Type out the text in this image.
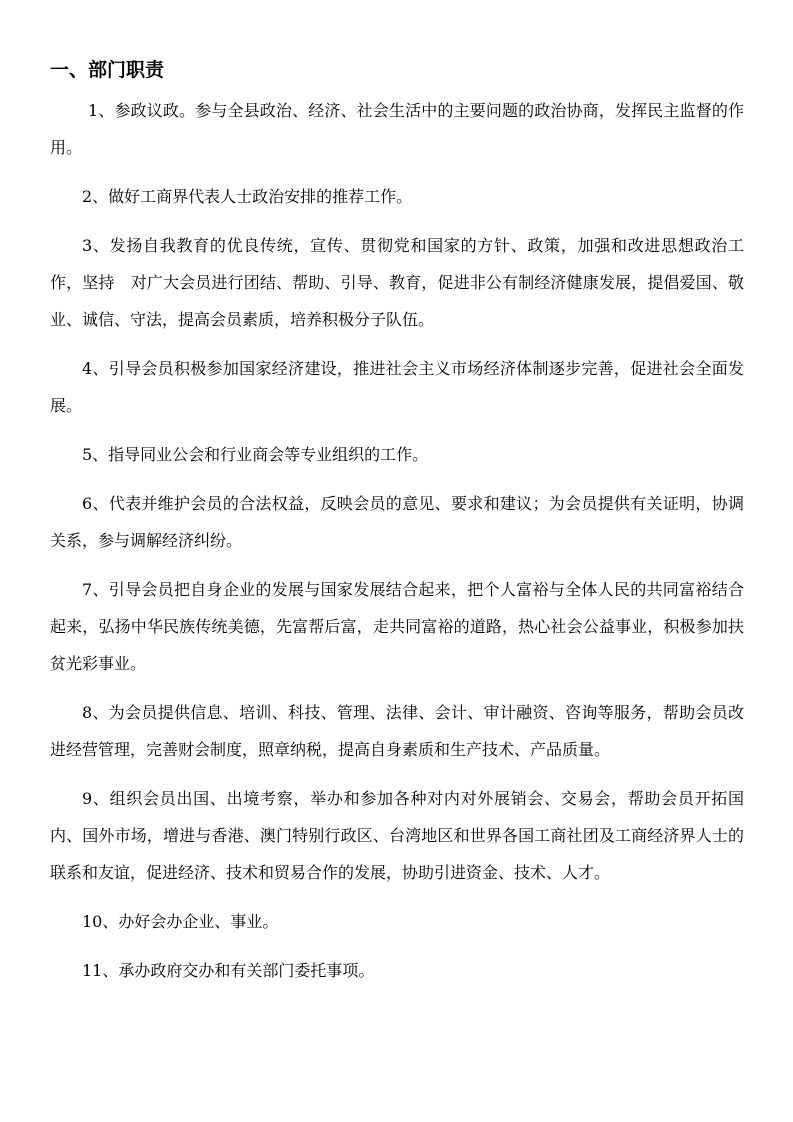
一、部门职责

1、参政议政。参与全县政治、经济、社会生活中的主要问题的政治协商，发挥民主监督的作用。

2、做好工商界代表人士政治安排的推荐工作。

3、发扬自我教育的优良传统，宣传、贯彻党和国家的方针、政策，加强和改进思想政治工作，坚持　对广大会员进行团结、帮助、引导、教育，促进非公有制经济健康发展，提倡爱国、敬业、诚信、守法，提高会员素质，培养积极分子队伍。

4、引导会员积极参加国家经济建设，推进社会主义市场经济体制逐步完善，促进社会全面发展。

5、指导同业公会和行业商会等专业组织的工作。

6、代表并维护会员的合法权益，反映会员的意见、要求和建议；为会员提供有关证明，协调关系，参与调解经济纠纷。

7、引导会员把自身企业的发展与国家发展结合起来，把个人富裕与全体人民的共同富裕结合起来，弘扬中华民族传统美德，先富帮后富，走共同富裕的道路，热心社会公益事业，积极参加扶贫光彩事业。

8、为会员提供信息、培训、科技、管理、法律、会计、审计融资、咨询等服务，帮助会员改进经营管理，完善财会制度，照章纳税，提高自身素质和生产技术、产品质量。

9、组织会员出国、出境考察，举办和参加各种对内对外展销会、交易会，帮助会员开拓国内、国外市场，增进与香港、澳门特别行政区、台湾地区和世界各国工商社团及工商经济界人士的联系和友谊，促进经济、技术和贸易合作的发展，协助引进资金、技术、人才。

10、办好会办企业、事业。

11、承办政府交办和有关部门委托事项。
